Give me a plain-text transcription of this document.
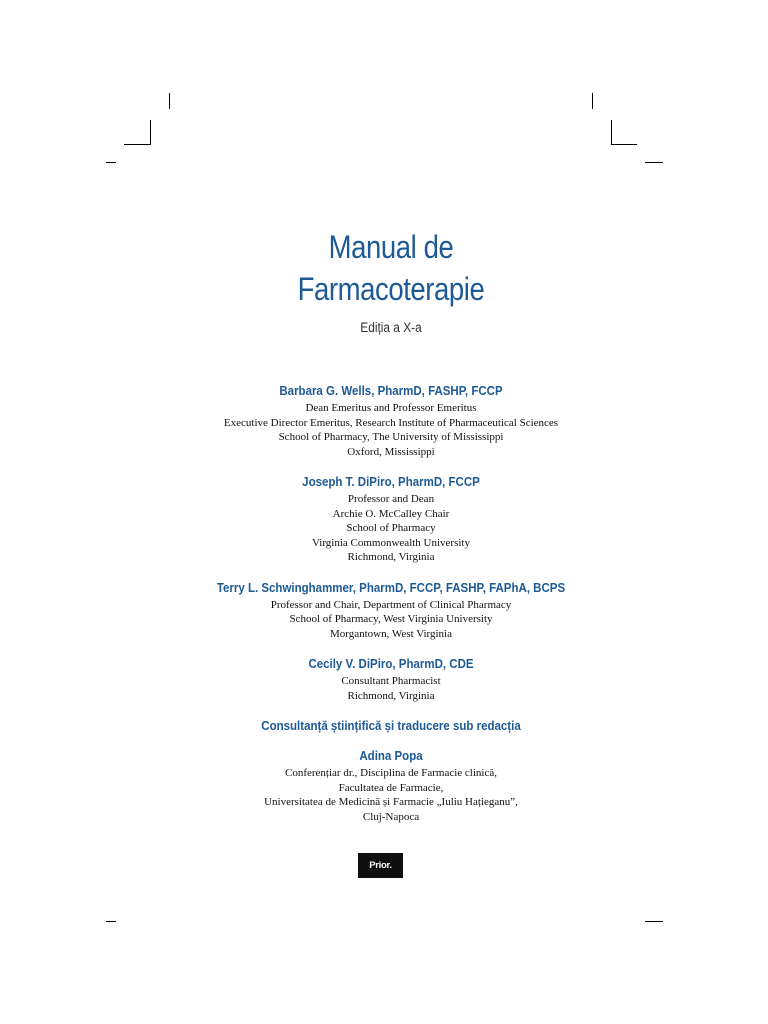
Manual de
Farmacoterapie
Ediția a X-a
Barbara G. Wells, PharmD, FASHP, FCCP
Dean Emeritus and Professor Emeritus
Executive Director Emeritus, Research Institute of Pharmaceutical Sciences
School of Pharmacy, The University of Mississippi
Oxford, Mississippi
Joseph T. DiPiro, PharmD, FCCP
Professor and Dean
Archie O. McCalley Chair
School of Pharmacy
Virginia Commonwealth University
Richmond, Virginia
Terry L. Schwinghammer, PharmD, FCCP, FASHP, FAPhA, BCPS
Professor and Chair, Department of Clinical Pharmacy
School of Pharmacy, West Virginia University
Morgantown, West Virginia
Cecily V. DiPiro, PharmD, CDE
Consultant Pharmacist
Richmond, Virginia
Consultanță științifică și traducere sub redacția
Adina Popa
Conferențiar dr., Disciplina de Farmacie clinică,
Facultatea de Farmacie,
Universitatea de Medicină și Farmacie „Iuliu Hațieganu”,
Cluj-Napoca
Prior.
